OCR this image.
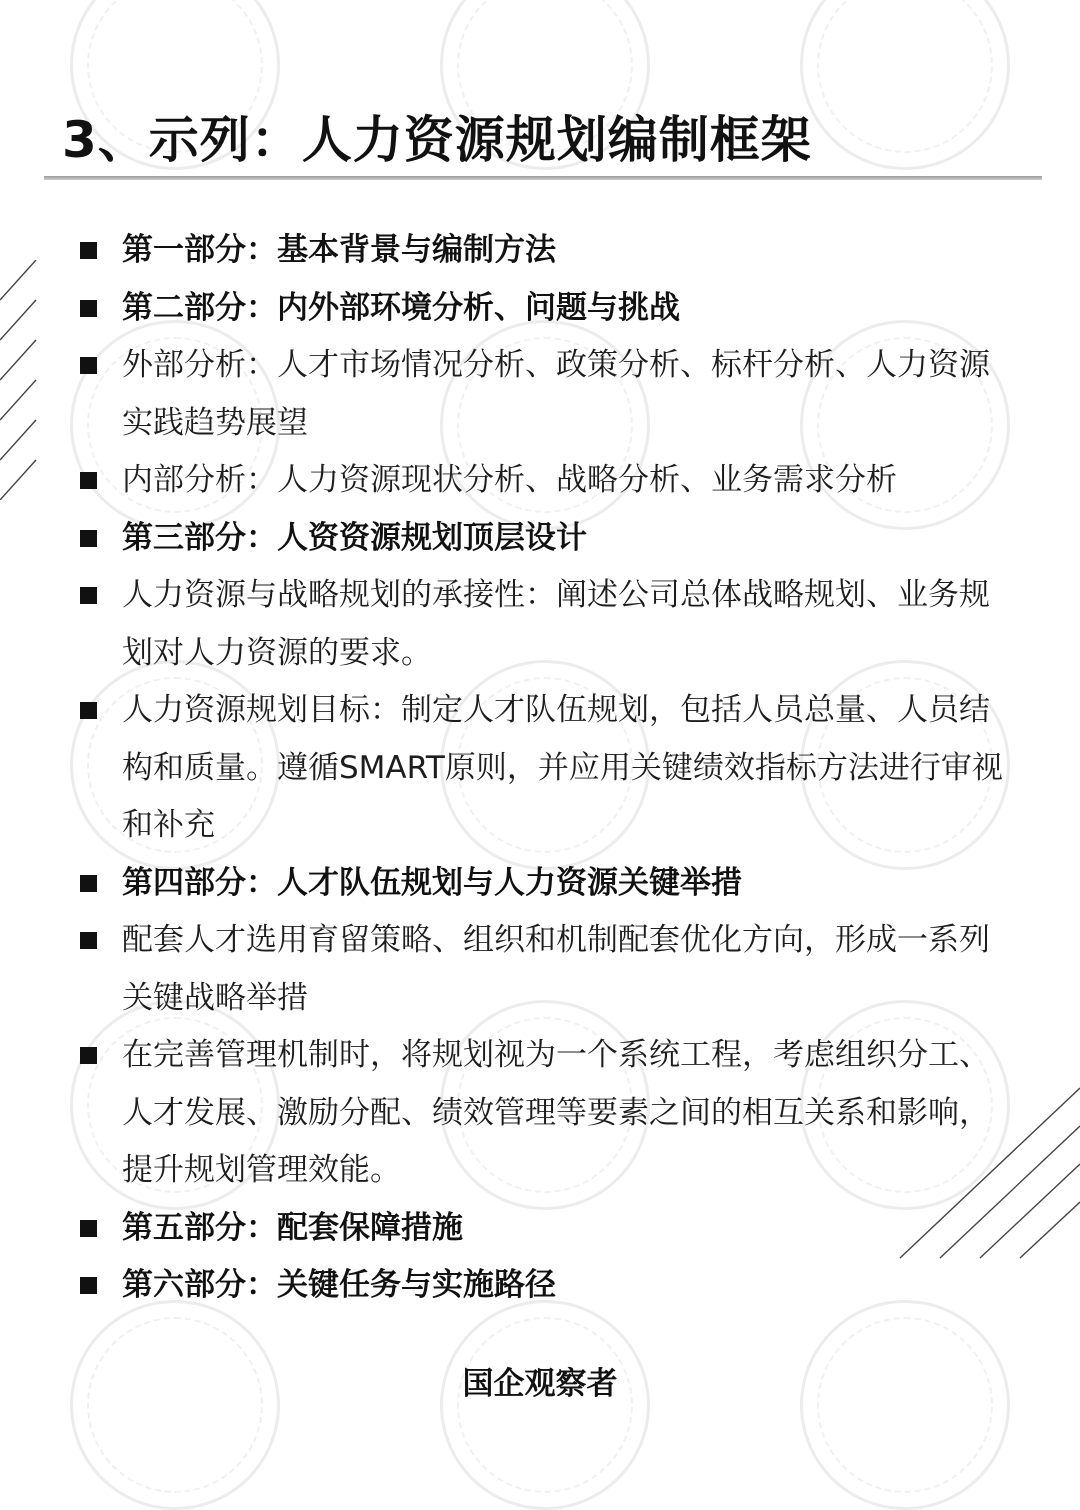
3、示列：人力资源规划编制框架
第一部分：基本背景与编制方法
第二部分：内外部环境分析、问题与挑战
外部分析：人才市场情况分析、政策分析、标杆分析、人力资源实践趋势展望
内部分析：人力资源现状分析、战略分析、业务需求分析
第三部分：人资资源规划顶层设计
人力资源与战略规划的承接性：阐述公司总体战略规划、业务规划对人力资源的要求。
人力资源规划目标：制定人才队伍规划，包括人员总量、人员结构和质量。遵循SMART原则，并应用关键绩效指标方法进行审视和补充
第四部分：人才队伍规划与人力资源关键举措
配套人才选用育留策略、组织和机制配套优化方向，形成一系列关键战略举措
在完善管理机制时，将规划视为一个系统工程，考虑组织分工、人才发展、激励分配、绩效管理等要素之间的相互关系和影响，提升规划管理效能。
第五部分：配套保障措施
第六部分：关键任务与实施路径
国企观察者
